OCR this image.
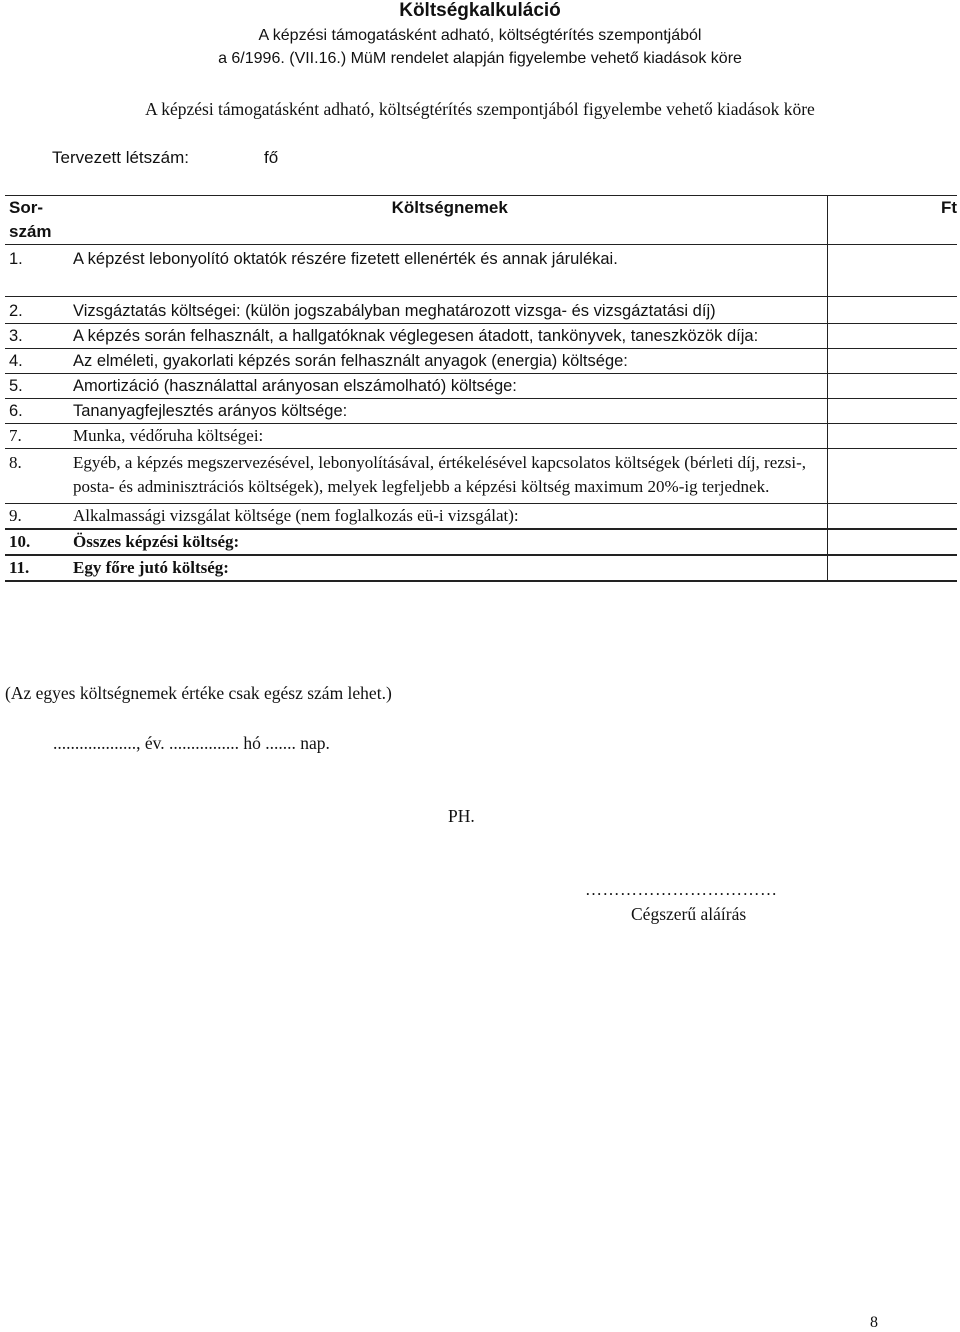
Költségkalkuláció
A képzési támogatásként adható, költségtérítés szempontjából
a 6/1996. (VII.16.) MüM rendelet alapján figyelembe vehető kiadások köre
A képzési támogatásként adható, költségtérítés szempontjából figyelembe vehető kiadások köre
Tervezett létszám:	fő
Sor-
szám	Költségnemek	Ft
1.	A képzést lebonyolító oktatók részére fizetett ellenérték és annak járulékai.	
2.	Vizsgáztatás költségei: (külön jogszabályban meghatározott vizsga- és vizsgáztatási díj)	
3.	A képzés során felhasznált, a hallgatóknak véglegesen átadott, tankönyvek, taneszközök díja:	
4.	Az elméleti, gyakorlati képzés során felhasznált anyagok (energia) költsége:	
5.	Amortizáció (használattal arányosan elszámolható) költsége:	
6.	Tananyagfejlesztés arányos költsége:	
7.	Munka, védőruha költségei:	
8.	Egyéb, a képzés megszervezésével, lebonyolításával, értékelésével kapcsolatos költségek (bérleti díj, rezsi-, posta- és adminisztrációs költségek), melyek legfeljebb a képzési költség maximum 20%-ig terjednek.	
9.	Alkalmassági vizsgálat költsége (nem foglalkozás eü-i vizsgálat):	
10.	Összes képzési költség:	
11.	Egy főre jutó költség:	
(Az egyes költségnemek értéke csak egész szám lehet.)
..................., év. ................ hó ....... nap.
PH.
……………………………
Cégszerű aláírás
8
